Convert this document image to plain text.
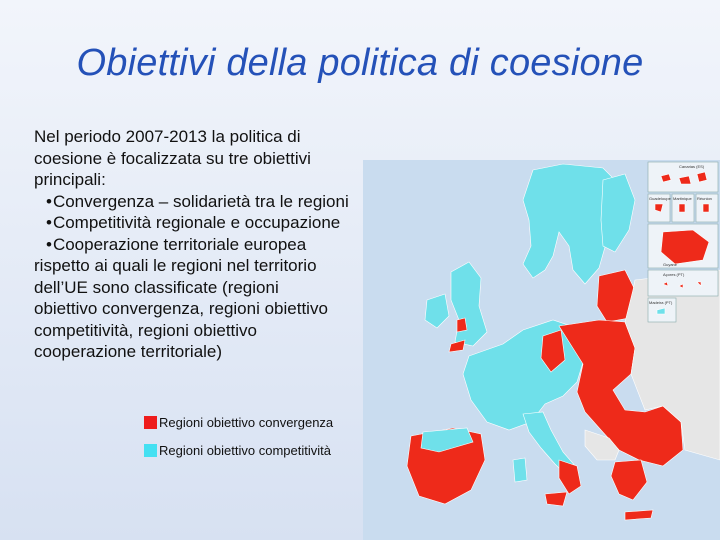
Obiettivi della politica di coesione
Nel periodo 2007-2013 la politica di
coesione è focalizzata su tre obiettivi
principali:
• Convergenza – solidarietà tra le regioni
• Competitività regionale e occupazione
• Cooperazione territoriale europea
rispetto ai quali le regioni nel territorio
dell’UE sono classificate (regioni
obiettivo convergenza, regioni obiettivo
competitività, regioni obiettivo
cooperazione territoriale)
Regioni obiettivo convergenza
Regioni obiettivo competitività
Canarias (ES)
Guadeloupe Martinique Réunion
Guyane
Açores (PT)
Madeira (PT)
